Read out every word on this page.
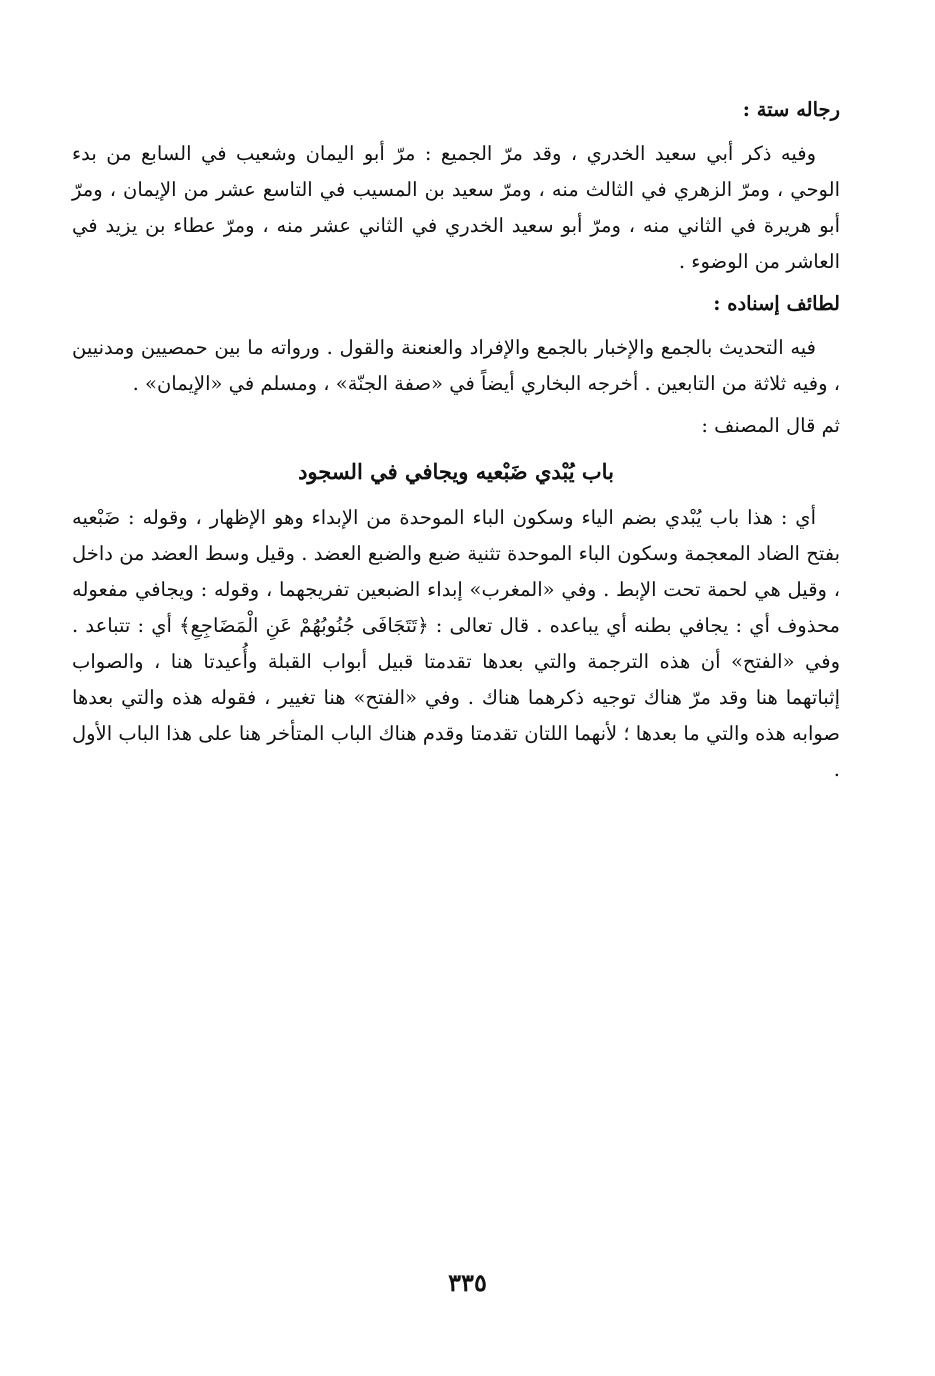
رجاله ستة :

وفيه ذكر أبي سعيد الخدري ، وقد مرّ الجميع : مرّ أبو اليمان وشعيب في السابع من بدء الوحي ، ومرّ الزهري في الثالث منه ، ومرّ سعيد بن المسيب في التاسع عشر من الإيمان ، ومرّ أبو هريرة في الثاني منه ، ومرّ أبو سعيد الخدري في الثاني عشر منه ، ومرّ عطاء بن يزيد في العاشر من الوضوء .

لطائف إسناده :

فيه التحديث بالجمع والإخبار بالجمع والإفراد والعنعنة والقول . ورواته ما بين حمصيين ومدنيين ، وفيه ثلاثة من التابعين . أخرجه البخاري أيضاً في «صفة الجنّة» ، ومسلم في «الإيمان» .

ثم قال المصنف :

باب يُبْدي ضَبْعيه ويجافي في السجود

أي : هذا باب يُبْدي بضم الياء وسكون الباء الموحدة من الإبداء وهو الإظهار ، وقوله : ضَبْعيه بفتح الضاد المعجمة وسكون الباء الموحدة تثنية ضبع والضبع العضد . وقيل وسط العضد من داخل ، وقيل هي لحمة تحت الإبط . وفي «المغرب» إبداء الضبعين تفريجهما ، وقوله : ويجافي مفعوله محذوف أي : يجافي بطنه أي يباعده . قال تعالى : ﴿تَتَجَافَى جُنُوبُهُمْ عَنِ الْمَضَاجِعِ﴾ أي : تتباعد . وفي «الفتح» أن هذه الترجمة والتي بعدها تقدمتا قبيل أبواب القبلة وأُعيدتا هنا ، والصواب إثباتهما هنا وقد مرّ هناك توجيه ذكرهما هناك . وفي «الفتح» هنا تغيير ، فقوله هذه والتي بعدها صوابه هذه والتي ما بعدها ؛ لأنهما اللتان تقدمتا وقدم هناك الباب المتأخر هنا على هذا الباب الأول .

٣٣٥
